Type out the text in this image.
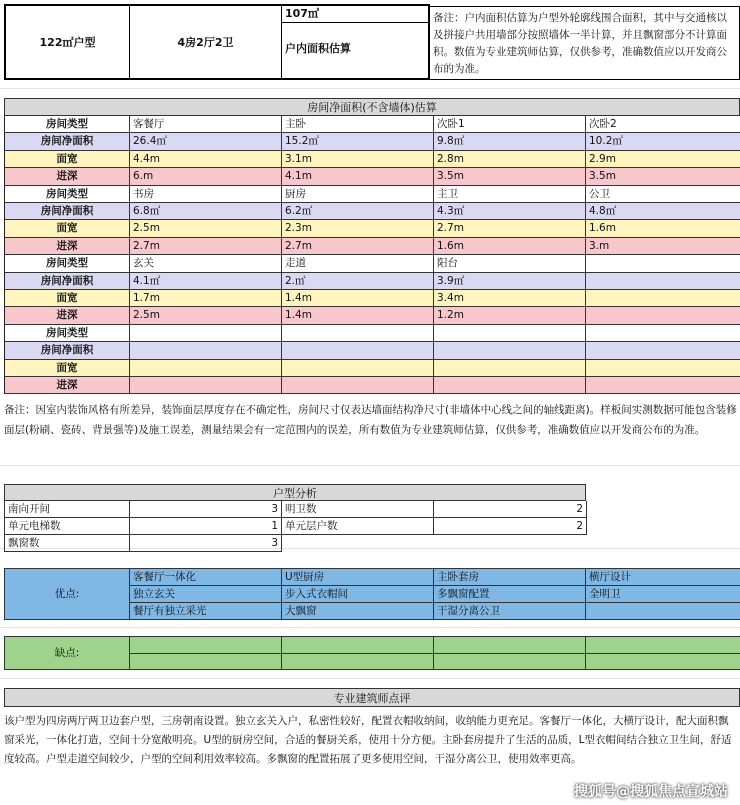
122㎡户型	4房2厅2卫
107㎡
户内面积估算
备注：户内面积估算为户型外轮廓线围合面积，其中与交通核以及拼接户共用墙部分按照墙体一半计算，并且飘窗部分不计算面积。数值为专业建筑师估算，仅供参考，准确数值应以开发商公布的为准。
房间净面积(不含墙体)估算
房间类型	客餐厅	主卧	次卧1	次卧2
房间净面积	26.4㎡	15.2㎡	9.8㎡	10.2㎡
面宽	4.4m	3.1m	2.8m	2.9m
进深	6.m	4.1m	3.5m	3.5m
房间类型	书房	厨房	主卫	公卫
房间净面积	6.8㎡	6.2㎡	4.3㎡	4.8㎡
面宽	2.5m	2.3m	2.7m	1.6m
进深	2.7m	2.7m	1.6m	3.m
房间类型	玄关	走道	阳台
房间净面积	4.1㎡	2.㎡	3.9㎡
面宽	1.7m	1.4m	3.4m
进深	2.5m	1.4m	1.2m
房间类型
房间净面积
面宽
进深
备注：因室内装饰风格有所差异，装饰面层厚度存在不确定性，房间尺寸仅表达墙面结构净尺寸(非墙体中心线之间的轴线距离)。样板间实测数据可能包含装修面层(粉刷、瓷砖、背景强等)及施工误差，测量结果会有一定范围内的误差，所有数值为专业建筑师估算，仅供参考，准确数值应以开发商公布的为准。
户型分析
南向开间	3 明卫数	2
单元电梯数	1 单元层户数	2
飘窗数	3
优点:
客餐厅一体化	U型厨房	主卧套房	横厅设计
独立玄关	步入式衣帽间	多飘窗配置	全明卫
餐厅有独立采光	大飘窗	干湿分离公卫
缺点:
专业建筑师点评
该户型为四房两厅两卫边套户型，三房朝南设置。独立玄关入户，私密性较好，配置衣帽收纳间，收纳能力更充足。客餐厅一体化，大横厅设计，配大面积飘窗采光，一体化打造，空间十分宽敞明亮。U型的厨房空间，合适的餐厨关系，使用十分方便。主卧套房提升了生活的品质，L型衣帽间结合独立卫生间，舒适度较高。户型走道空间较少，户型的空间利用效率较高。多飘窗的配置拓展了更多使用空间，干湿分离公卫，使用效率更高。
搜狐号@搜狐焦点宣城站
